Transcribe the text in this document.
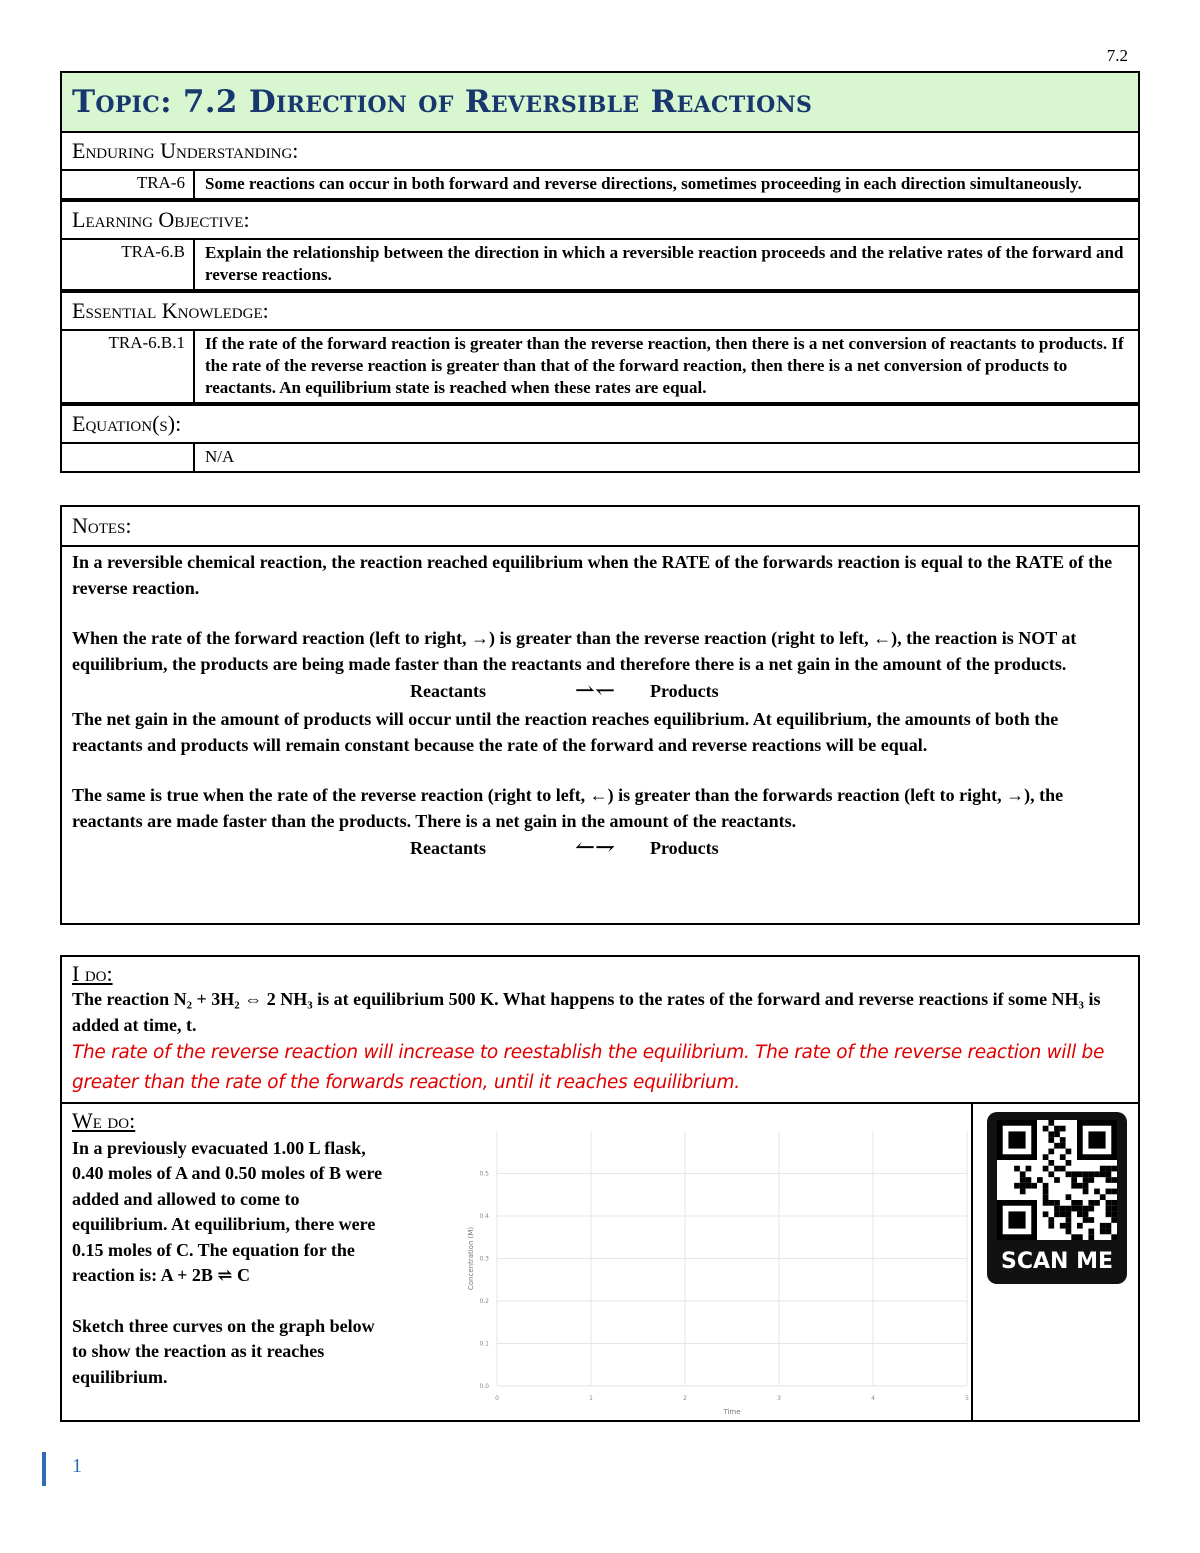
7.2
Topic: 7.2 Direction of Reversible Reactions
Enduring Understanding:
TRA-6	Some reactions can occur in both forward and reverse directions, sometimes proceeding in each direction simultaneously.
Learning Objective:
TRA-6.B	Explain the relationship between the direction in which a reversible reaction proceeds and the relative rates of the forward and reverse reactions.
Essential Knowledge:
TRA-6.B.1	If the rate of the forward reaction is greater than the reverse reaction, then there is a net conversion of reactants to products. If the rate of the reverse reaction is greater than that of the forward reaction, then there is a net conversion of products to reactants. An equilibrium state is reached when these rates are equal.
Equation(s):
N/A
Notes:

In a reversible chemical reaction, the reaction reached equilibrium when the RATE of the forwards reaction is equal to the RATE of the reverse reaction.

When the rate of the forward reaction (left to right, →) is greater than the reverse reaction (right to left, ←), the reaction is NOT at equilibrium, the products are being made faster than the reactants and therefore there is a net gain in the amount of the products.

Reactants	⇀↽	Products

The net gain in the amount of products will occur until the reaction reaches equilibrium. At equilibrium, the amounts of both the reactants and products will remain constant because the rate of the forward and reverse reactions will be equal.

The same is true when the rate of the reverse reaction (right to left, ←) is greater than the forwards reaction (left to right, →), the reactants are made faster than the products. There is a net gain in the amount of the reactants.

Reactants	↼⇁	Products
I do:
The reaction N₂ + 3H₂ ⇔ 2 NH₃ is at equilibrium 500 K. What happens to the rates of the forward and reverse reactions if some NH₃ is added at time, t.
The rate of the reverse reaction will increase to reestablish the equilibrium. The rate of the reverse reaction will be greater than the rate of the forwards reaction, until it reaches equilibrium.
We do:
In a previously evacuated 1.00 L flask, 0.40 moles of A and 0.50 moles of B were added and allowed to come to equilibrium. At equilibrium, there were 0.15 moles of C. The equation for the reaction is: A + 2B ⇌ C
Sketch three curves on the graph below to show the reaction as it reaches equilibrium.
0	1	2	3	4	5
0.0
0.1
0.2
0.3
0.4
0.5
Time
Concentration (M)	SCAN ME
1
